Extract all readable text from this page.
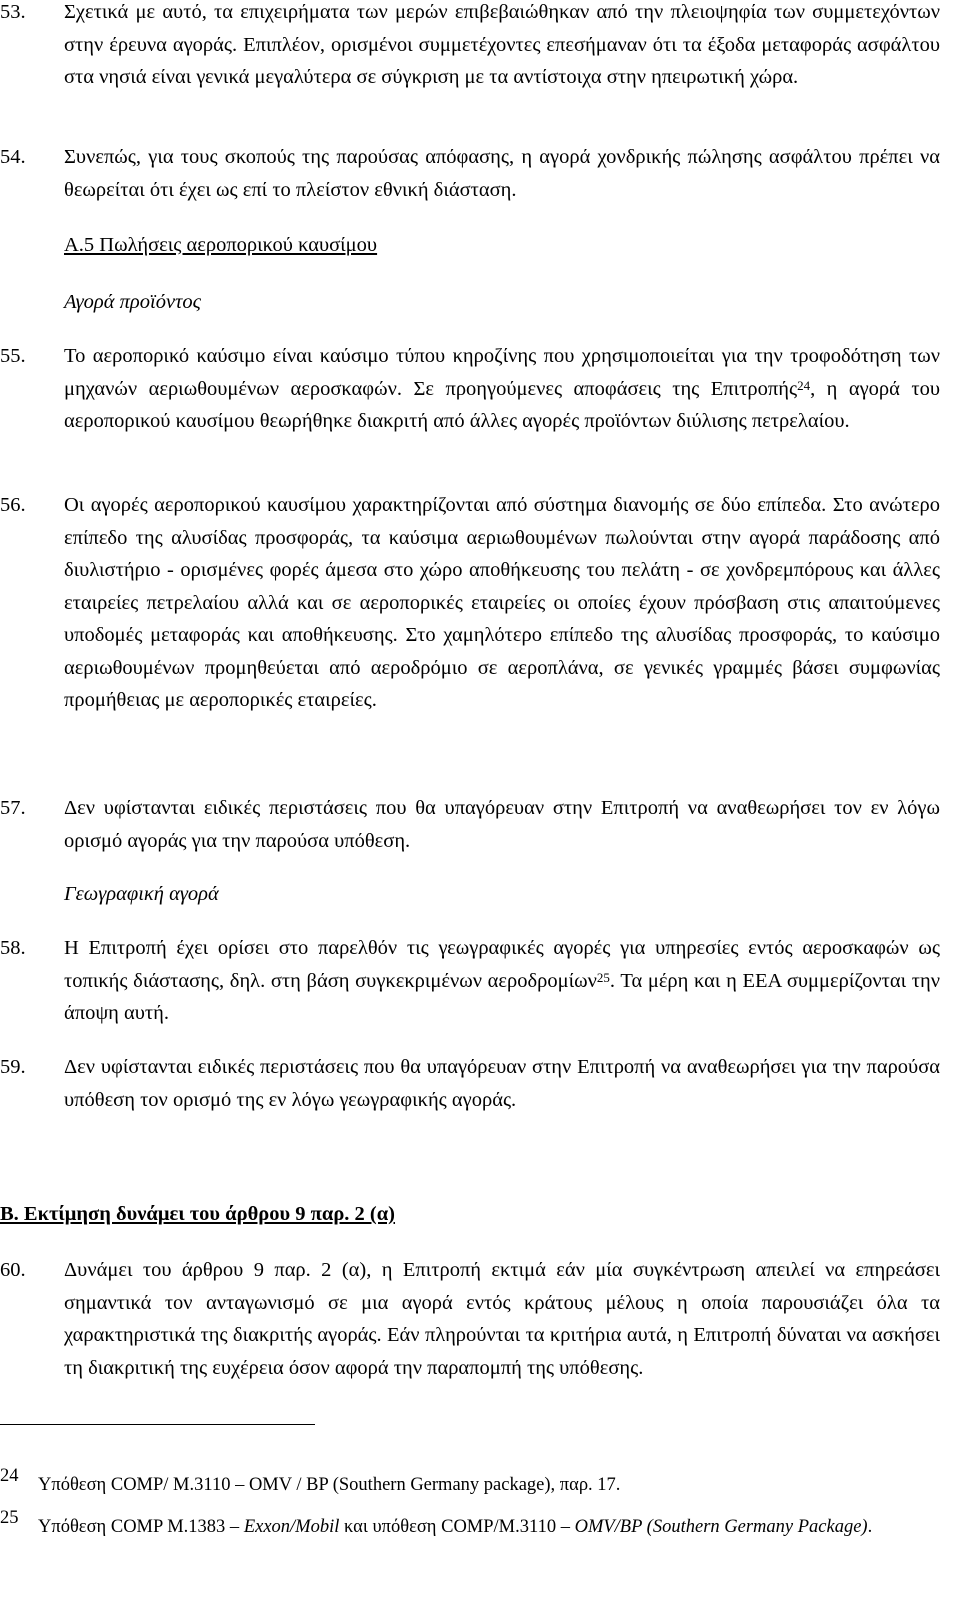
53. Σχετικά με αυτό, τα επιχειρήματα των μερών επιβεβαιώθηκαν από την πλειοψηφία των συμμετεχόντων στην έρευνα αγοράς. Επιπλέον, ορισμένοι συμμετέχοντες επεσήμαναν ότι τα έξοδα μεταφοράς ασφάλτου στα νησιά είναι γενικά μεγαλύτερα σε σύγκριση με τα αντίστοιχα στην ηπειρωτική χώρα.
54. Συνεπώς, για τους σκοπούς της παρούσας απόφασης, η αγορά χονδρικής πώλησης ασφάλτου πρέπει να θεωρείται ότι έχει ως επί το πλείστον εθνική διάσταση.
A.5 Πωλήσεις αεροπορικού καυσίμου
Αγορά προϊόντος
55. Το αεροπορικό καύσιμο είναι καύσιμο τύπου κηροζίνης που χρησιμοποιείται για την τροφοδότηση των μηχανών αεριωθουμένων αεροσκαφών. Σε προηγούμενες αποφάσεις της Επιτροπής$^{24}$, η αγορά του αεροπορικού καυσίμου θεωρήθηκε διακριτή από άλλες αγορές προϊόντων διύλισης πετρελαίου.
56. Οι αγορές αεροπορικού καυσίμου χαρακτηρίζονται από σύστημα διανομής σε δύο επίπεδα. Στο ανώτερο επίπεδο της αλυσίδας προσφοράς, τα καύσιμα αεριωθουμένων πωλούνται στην αγορά παράδοσης από διυλιστήριο - ορισμένες φορές άμεσα στο χώρο αποθήκευσης του πελάτη - σε χονδρεμπόρους και άλλες εταιρείες πετρελαίου αλλά και σε αεροπορικές εταιρείες οι οποίες έχουν πρόσβαση στις απαιτούμενες υποδομές μεταφοράς και αποθήκευσης. Στο χαμηλότερο επίπεδο της αλυσίδας προσφοράς, το καύσιμο αεριωθουμένων προμηθεύεται από αεροδρόμιο σε αεροπλάνα, σε γενικές γραμμές βάσει συμφωνίας προμήθειας με αεροπορικές εταιρείες.
57. Δεν υφίστανται ειδικές περιστάσεις που θα υπαγόρευαν στην Επιτροπή να αναθεωρήσει τον εν λόγω ορισμό αγοράς για την παρούσα υπόθεση.
Γεωγραφική αγορά
58. Η Επιτροπή έχει ορίσει στο παρελθόν τις γεωγραφικές αγορές για υπηρεσίες εντός αεροσκαφών ως τοπικής διάστασης, δηλ. στη βάση συγκεκριμένων αεροδρομίων$^{25}$. Τα μέρη και η ΕΕΑ συμμερίζονται την άποψη αυτή.
59. Δεν υφίστανται ειδικές περιστάσεις που θα υπαγόρευαν στην Επιτροπή να αναθεωρήσει για την παρούσα υπόθεση τον ορισμό της εν λόγω γεωγραφικής αγοράς.
B. Εκτίμηση δυνάμει του άρθρου 9 παρ. 2 (α)
60. Δυνάμει του άρθρου 9 παρ. 2 (α), η Επιτροπή εκτιμά εάν μία συγκέντρωση απειλεί να επηρεάσει σημαντικά τον ανταγωνισμό σε μια αγορά εντός κράτους μέλους η οποία παρουσιάζει όλα τα χαρακτηριστικά της διακριτής αγοράς. Εάν πληρούνται τα κριτήρια αυτά, η Επιτροπή δύναται να ασκήσει τη διακριτική της ευχέρεια όσον αφορά την παραπομπή της υπόθεσης.
24 Υπόθεση COMP/ M.3110 – OMV / BP (Southern Germany package), παρ. 17.
25 Υπόθεση COMP M.1383 – Exxon/Mobil και υπόθεση COMP/M.3110 – OMV/BP (Southern Germany Package).
